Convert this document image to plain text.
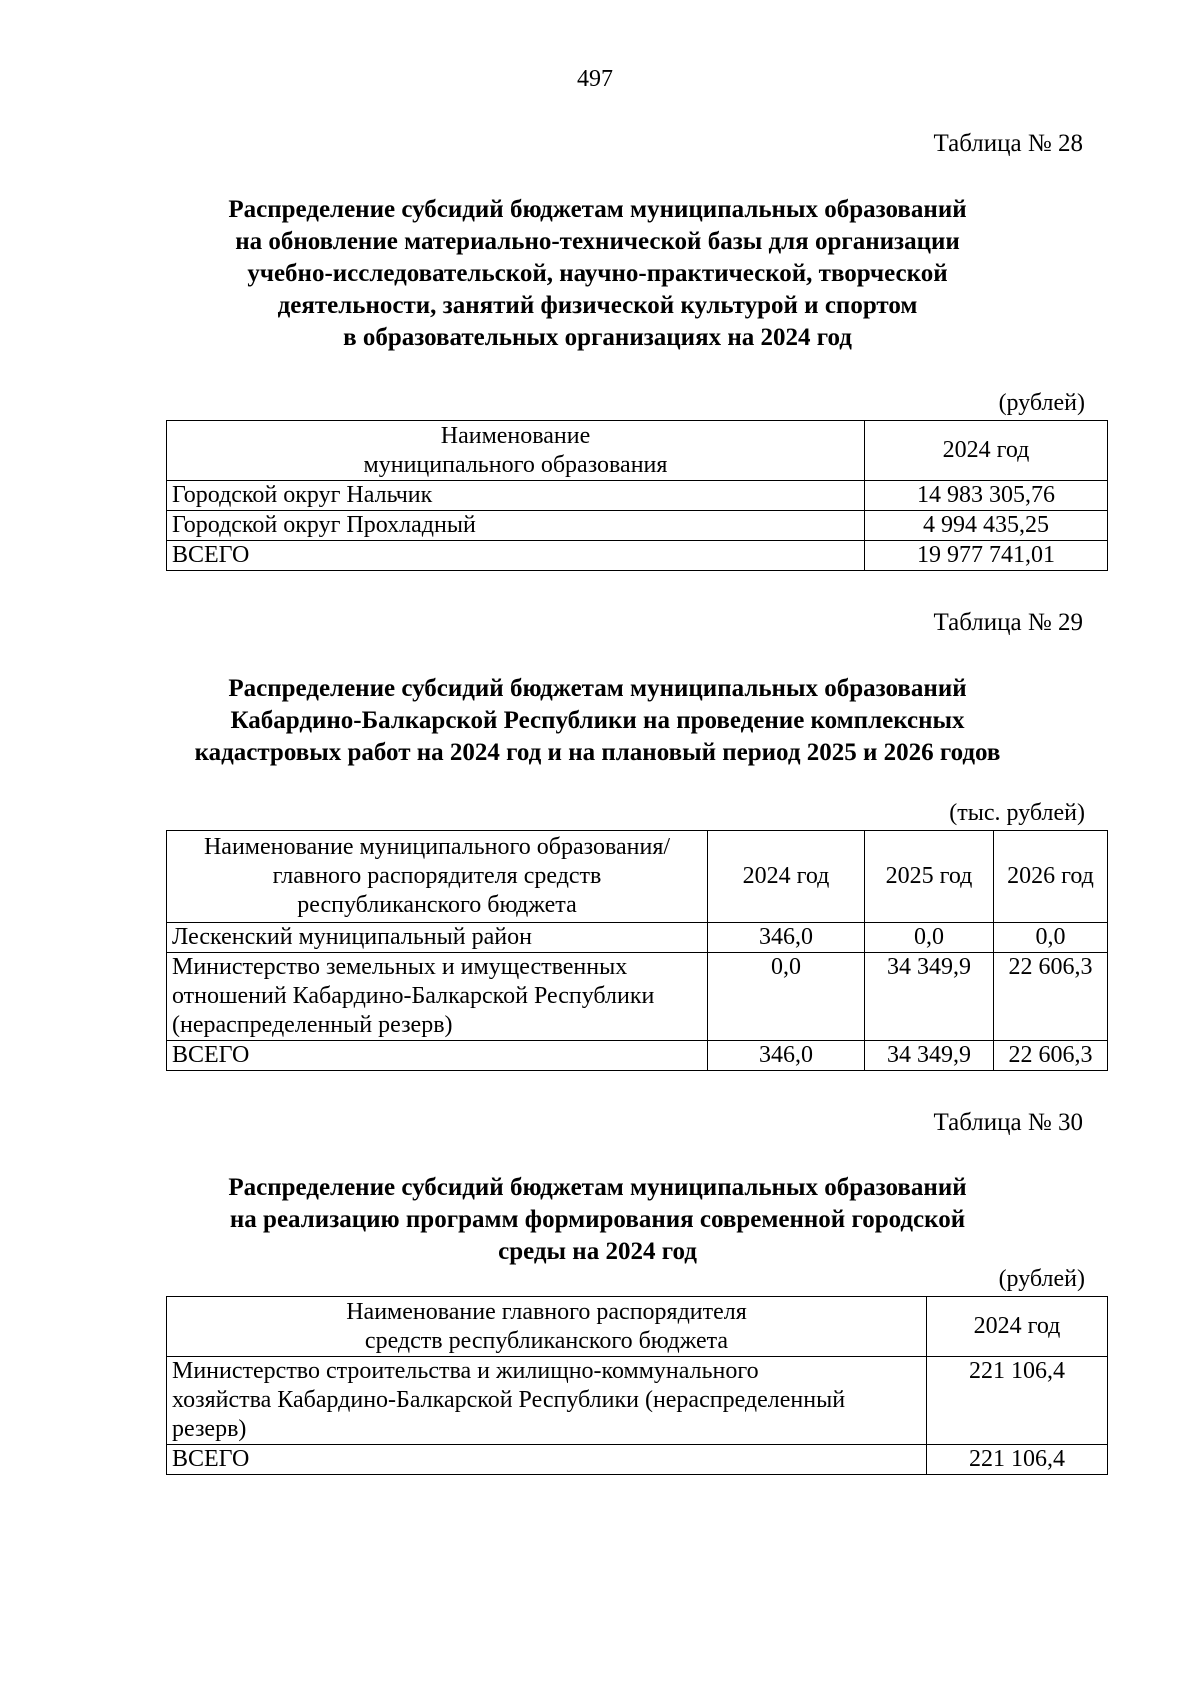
497
Таблица № 28
Распределение субсидий бюджетам муниципальных образований
на обновление материально-технической базы для организации
учебно-исследовательской, научно-практической, творческой
деятельности, занятий физической культурой и спортом
в образовательных организациях на 2024 год
(рублей)
Наименование
муниципального образования	2024 год
Городской округ Нальчик	14 983 305,76
Городской округ Прохладный	4 994 435,25
ВСЕГО	19 977 741,01
Таблица № 29
Распределение субсидий бюджетам муниципальных образований
Кабардино-Балкарской Республики на проведение комплексных
кадастровых работ на 2024 год и на плановый период 2025 и 2026 годов
(тыс. рублей)
Наименование муниципального образования/
главного распорядителя средств
республиканского бюджета	2024 год	2025 год	2026 год
Лескенский муниципальный район	346,0	0,0	0,0

Министерство земельных и имущественных
отношений Кабардино-Балкарской Республики
(нераспределенный резерв)	0,0	34 349,9	22 606,3
ВСЕГО	346,0	34 349,9	22 606,3
Таблица № 30
Распределение субсидий бюджетам муниципальных образований
на реализацию программ формирования современной городской
среды на 2024 год
(рублей)
Наименование главного распорядителя
средств республиканского бюджета	2024 год

Министерство строительства и жилищно-коммунального
хозяйства Кабардино-Балкарской Республики (нераспределенный
резерв)	221 106,4
ВСЕГО	221 106,4
